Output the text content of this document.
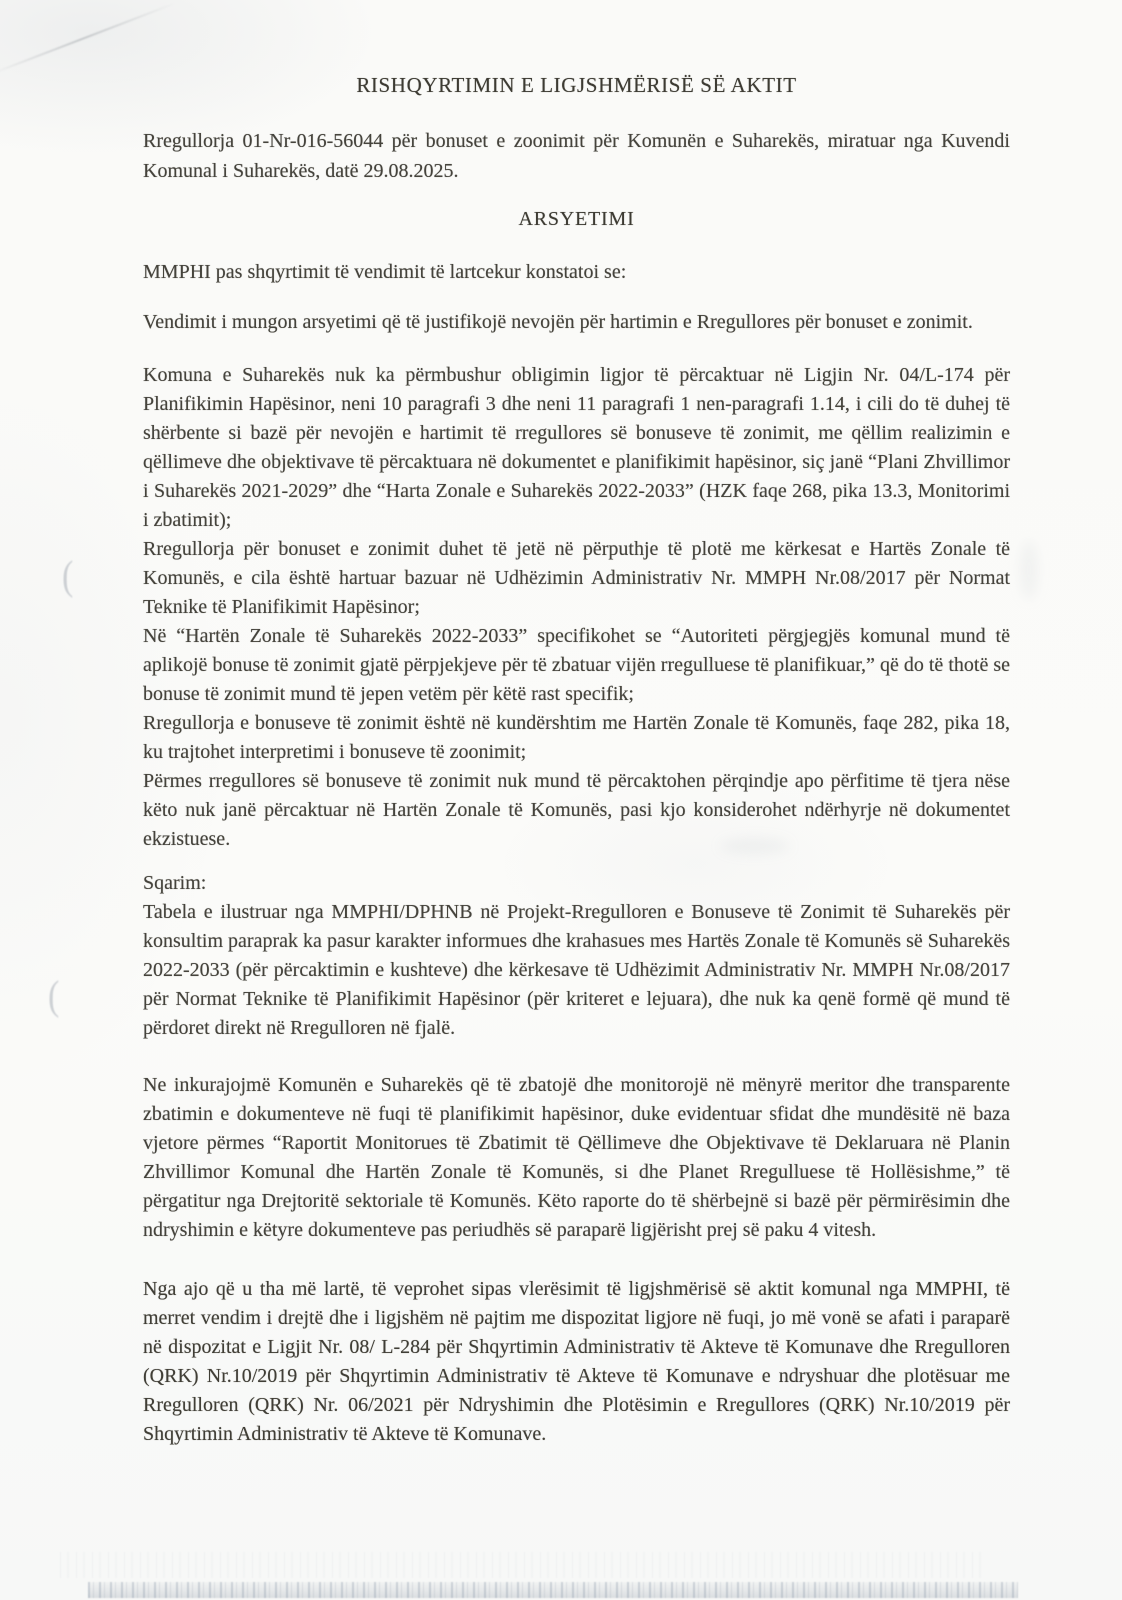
(
(
RISHQYRTIMIN E LIGJSHMËRISË SË AKTIT

Rregullorja 01-Nr-016-56044 për bonuset e zoonimit për Komunën e Suharekës, miratuar nga Kuvendi Komunal i Suharekës, datë 29.08.2025.

ARSYETIMI

MMPHI pas shqyrtimit të vendimit të lartcekur konstatoi se:

Vendimit i mungon arsyetimi që të justifikojë nevojën për hartimin e Rregullores për bonuset e zonimit.

Komuna e Suharekës nuk ka përmbushur obligimin ligjor të përcaktuar në Ligjin Nr. 04/L-174 për Planifikimin Hapësinor, neni 10 paragrafi 3 dhe neni 11 paragrafi 1 nen-paragrafi 1.14, i cili do të duhej të shërbente si bazë për nevojën e hartimit të rregullores së bonuseve të zonimit, me qëllim realizimin e qëllimeve dhe objektivave të përcaktuara në dokumentet e planifikimit hapësinor, siç janë “Plani Zhvillimor i Suharekës 2021-2029” dhe “Harta Zonale e Suharekës 2022-2033” (HZK faqe 268, pika 13.3, Monitorimi i zbatimit);

Rregullorja për bonuset e zonimit duhet të jetë në përputhje të plotë me kërkesat e Hartës Zonale të Komunës, e cila është hartuar bazuar në Udhëzimin Administrativ Nr. MMPH Nr.08/2017 për Normat Teknike të Planifikimit Hapësinor;

Në “Hartën Zonale të Suharekës 2022-2033” specifikohet se “Autoriteti përgjegjës komunal mund të aplikojë bonuse të zonimit gjatë përpjekjeve për të zbatuar vijën rregulluese të planifikuar,” që do të thotë se bonuse të zonimit mund të jepen vetëm për këtë rast specifik;

Rregullorja e bonuseve të zonimit është në kundërshtim me Hartën Zonale të Komunës, faqe 282, pika 18, ku trajtohet interpretimi i bonuseve të zoonimit;

Përmes rregullores së bonuseve të zonimit nuk mund të përcaktohen përqindje apo përfitime të tjera nëse këto nuk janë përcaktuar në Hartën Zonale të Komunës, pasi kjo konsiderohet ndërhyrje në dokumentet ekzistuese.

Sqarim:

Tabela e ilustruar nga MMPHI/DPHNB në Projekt-Rregulloren e Bonuseve të Zonimit të Suharekës për konsultim paraprak ka pasur karakter informues dhe krahasues mes Hartës Zonale të Komunës së Suharekës 2022-2033 (për përcaktimin e kushteve) dhe kërkesave të Udhëzimit Administrativ Nr. MMPH Nr.08/2017 për Normat Teknike të Planifikimit Hapësinor (për kriteret e lejuara), dhe nuk ka qenë formë që mund të përdoret direkt në Rregulloren në fjalë.

Ne inkurajojmë Komunën e Suharekës që të zbatojë dhe monitorojë në mënyrë meritor dhe transparente zbatimin e dokumenteve në fuqi të planifikimit hapësinor, duke evidentuar sfidat dhe mundësitë në baza vjetore përmes “Raportit Monitorues të Zbatimit të Qëllimeve dhe Objektivave të Deklaruara në Planin Zhvillimor Komunal dhe Hartën Zonale të Komunës, si dhe Planet Rregulluese të Hollësishme,” të përgatitur nga Drejtoritë sektoriale të Komunës. Këto raporte do të shërbejnë si bazë për përmirësimin dhe ndryshimin e këtyre dokumenteve pas periudhës së paraparë ligjërisht prej së paku 4 vitesh.

Nga ajo që u tha më lartë, të veprohet sipas vlerësimit të ligjshmërisë së aktit komunal nga MMPHI, të merret vendim i drejtë dhe i ligjshëm në pajtim me dispozitat ligjore në fuqi, jo më vonë se afati i paraparë në dispozitat e Ligjit Nr. 08/ L-284 për Shqyrtimin Administrativ të Akteve të Komunave dhe Rregulloren (QRK) Nr.10/2019 për Shqyrtimin Administrativ të Akteve të Komunave e ndryshuar dhe plotësuar me Rregulloren (QRK) Nr. 06/2021 për Ndryshimin dhe Plotësimin e Rregullores (QRK) Nr.10/2019 për Shqyrtimin Administrativ të Akteve të Komunave.
